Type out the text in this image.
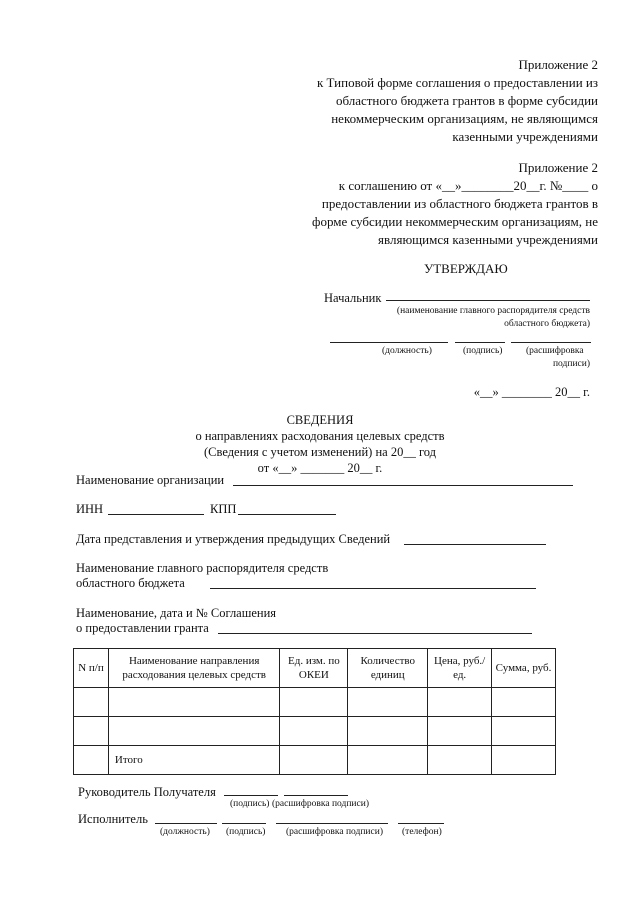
Приложение 2
к Типовой форме соглашения о предоставлении из
областного бюджета грантов в форме субсидии
некоммерческим организациям, не являющимся
казенными учреждениями
Приложение 2
к соглашению от «__»________20__г. №____ о
предоставлении из областного бюджета грантов в
форме субсидии некоммерческим организациям, не
являющимся казенными учреждениями
УТВЕРЖДАЮ
Начальник
(наименование главного распорядителя средств
областного бюджета)
(должность)	(подпись) (расшифровка
подписи)
«__» ________ 20__ г.
СВЕДЕНИЯ
о направлениях расходования целевых средств
(Сведения с учетом изменений) на 20__ год
от «__» _______ 20__ г.
Наименование организации
ИНН	КПП
Дата представления и утверждения предыдущих Сведений
Наименование главного распорядителя средств
областного бюджета
Наименование, дата и № Соглашения
о предоставлении гранта
N п/п	Наименование направления расходования целевых средств	Ед. изм. по ОКЕИ	Количество единиц	Цена, руб./ед.	Сумма, руб.

	Итого				
Руководитель Получателя
(подпись) (расшифровка подписи)
Исполнитель
(должность) (подпись) (расшифровка подписи) (телефон)
